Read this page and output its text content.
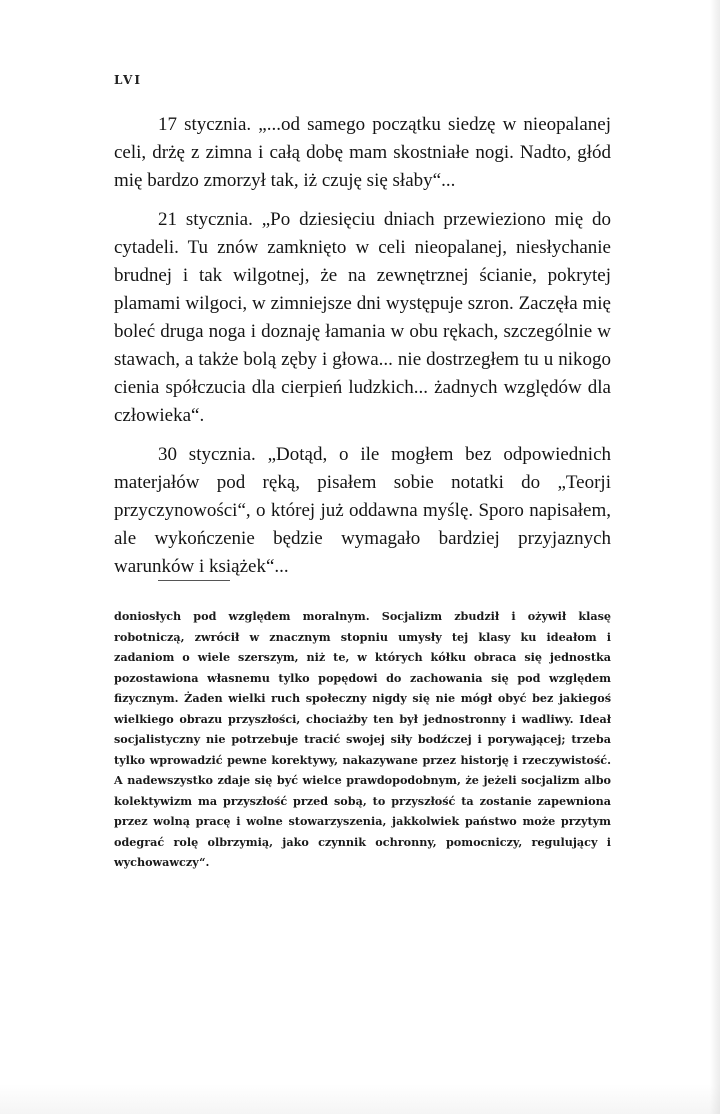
LVI

17 stycznia. „...od samego początku siedzę w nieopalanej celi, drżę z zimna i całą dobę mam skostniałe nogi. Nadto, głód mię bardzo zmorzył tak, iż czuję się słaby“...

21 stycznia. „Po dziesięciu dniach przewieziono mię do cytadeli. Tu znów zamknięto w celi nieopalanej, niesłychanie brudnej i tak wilgotnej, że na zewnętrznej ścianie, pokrytej plamami wilgoci, w zimniejsze dni występuje szron. Zaczęła mię boleć druga noga i doznaję łamania w obu rękach, szczególnie w stawach, a także bolą zęby i głowa... nie dostrzegłem tu u nikogo cienia spółczucia dla cierpień ludzkich... żadnych względów dla człowieka“.

30 stycznia. „Dotąd, o ile mogłem bez odpowiednich materjałów pod ręką, pisałem sobie notatki do „Teorji przyczynowości“, o której już oddawna myślę. Sporo napisałem, ale wykończenie będzie wymagało bardziej przyjaznych warunków i książek“...

doniosłych pod względem moralnym. Socjalizm zbudził i ożywił klasę robotniczą, zwrócił w znacznym stopniu umysły tej klasy ku ideałom i zadaniom o wiele szerszym, niż te, w których kółku obraca się jednostka pozostawiona własnemu tylko popędowi do zachowania się pod względem fizycznym. Żaden wielki ruch społeczny nigdy się nie mógł obyć bez jakiegoś wielkiego obrazu przyszłości, chociażby ten był jednostronny i wadliwy. Ideał socjalistyczny nie potrzebuje tracić swojej siły bodźczej i porywającej; trzeba tylko wprowadzić pewne korektywy, nakazywane przez historję i rzeczywistość. A nadewszystko zdaje się być wielce prawdopodobnym, że jeżeli socjalizm albo kolektywizm ma przyszłość przed sobą, to przyszłość ta zostanie zapewniona przez wolną pracę i wolne stowarzyszenia, jakkolwiek państwo może przytym odegrać rolę olbrzymią, jako czynnik ochronny, pomocniczy, regulujący i wychowawczy“.
